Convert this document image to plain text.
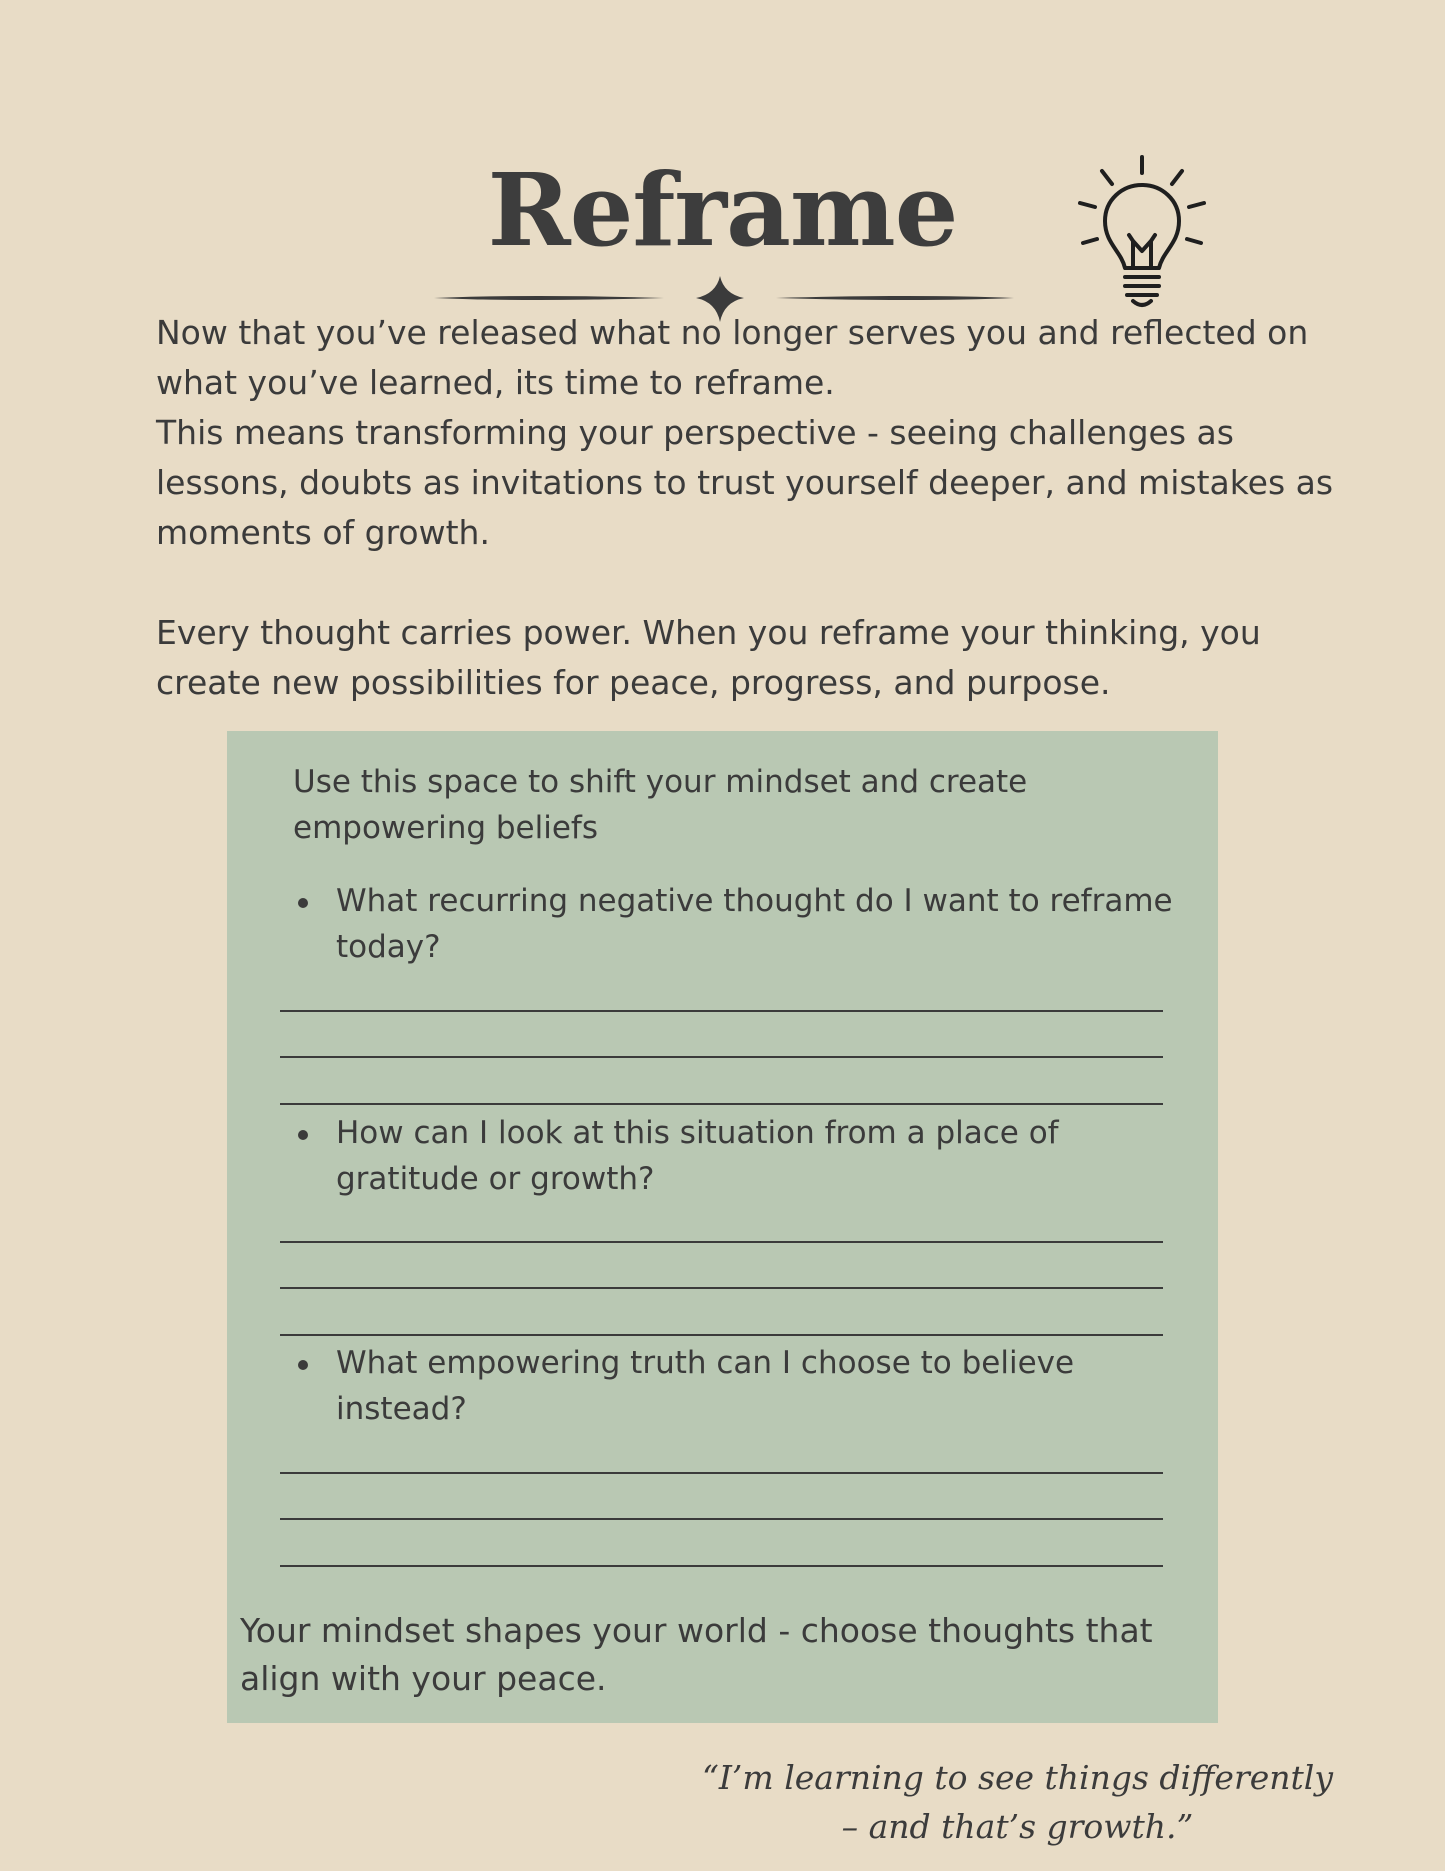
Reframe

Now that you’ve released what no longer serves you and reflected on what you’ve learned, its time to reframe.

This means transforming your perspective - seeing challenges as lessons, doubts as invitations to trust yourself deeper, and mistakes as moments of growth.

Every thought carries power. When you reframe your thinking, you create new possibilities for peace, progress, and purpose.

Use this space to shift your mindset and create empowering beliefs
What recurring negative thought do I want to reframe today?
How can I look at this situation from a place of gratitude or growth?
What empowering truth can I choose to believe instead?
Your mindset shapes your world - choose thoughts that align with your peace.
“I’m learning to see things differently – and that’s growth.”
